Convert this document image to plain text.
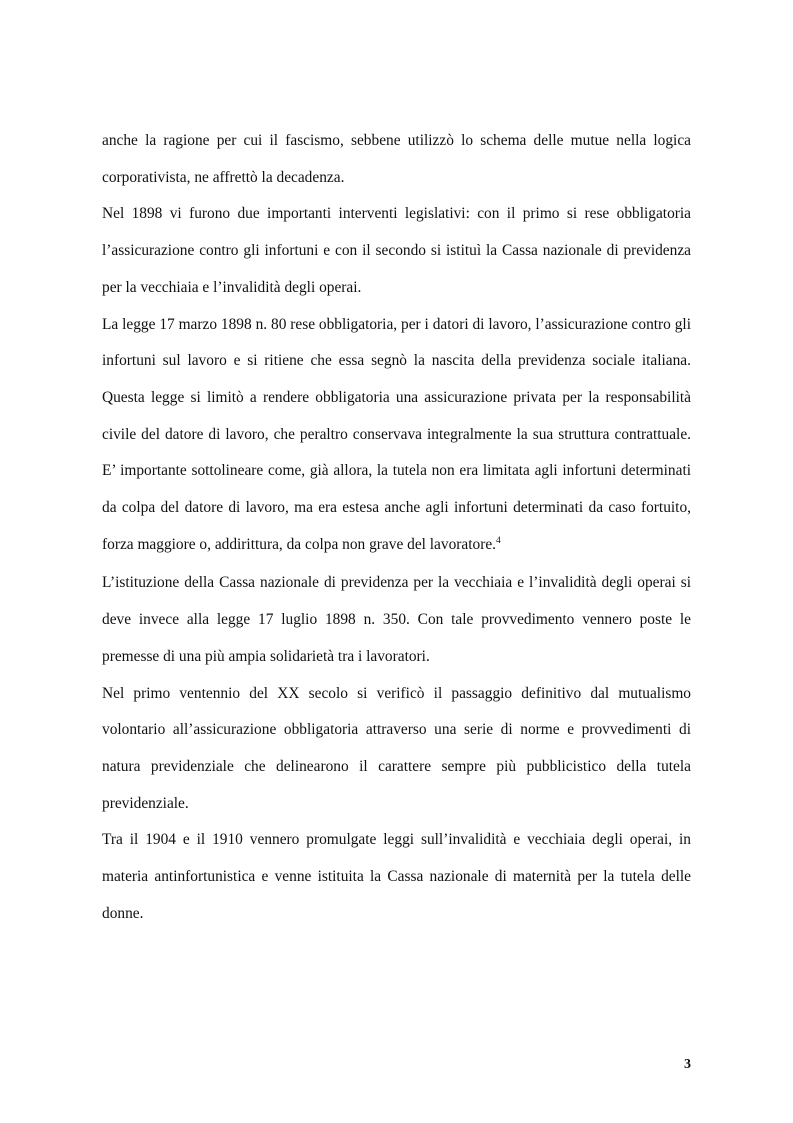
anche la ragione per cui il fascismo, sebbene utilizzò lo schema delle mutue nella logica corporativista, ne affrettò la decadenza.

Nel 1898 vi furono due importanti interventi legislativi: con il primo si rese obbligatoria l’assicurazione contro gli infortuni e con il secondo si istituì la Cassa nazionale di previdenza per la vecchiaia e l’invalidità degli operai.

La legge 17 marzo 1898 n. 80 rese obbligatoria, per i datori di lavoro, l’assicurazione contro gli infortuni sul lavoro e si ritiene che essa segnò la nascita della previdenza sociale italiana. Questa legge si limitò a rendere obbligatoria una assicurazione privata per la responsabilità civile del datore di lavoro, che peraltro conservava integralmente la sua struttura contrattuale. E’ importante sottolineare come, già allora, la tutela non era limitata agli infortuni determinati da colpa del datore di lavoro, ma era estesa anche agli infortuni determinati da caso fortuito, forza maggiore o, addirittura, da colpa non grave del lavoratore.$^4$

L’istituzione della Cassa nazionale di previdenza per la vecchiaia e l’invalidità degli operai si deve invece alla legge 17 luglio 1898 n. 350. Con tale provvedimento vennero poste le premesse di una più ampia solidarietà tra i lavoratori.

Nel primo ventennio del XX secolo si verificò il passaggio definitivo dal mutualismo volontario all’assicurazione obbligatoria attraverso una serie di norme e provvedimenti di natura previdenziale che delinearono il carattere sempre più pubblicistico della tutela previdenziale.

Tra il 1904 e il 1910 vennero promulgate leggi sull’invalidità e vecchiaia degli operai, in materia antinfortunistica e venne istituita la Cassa nazionale di maternità per la tutela delle donne.

3
